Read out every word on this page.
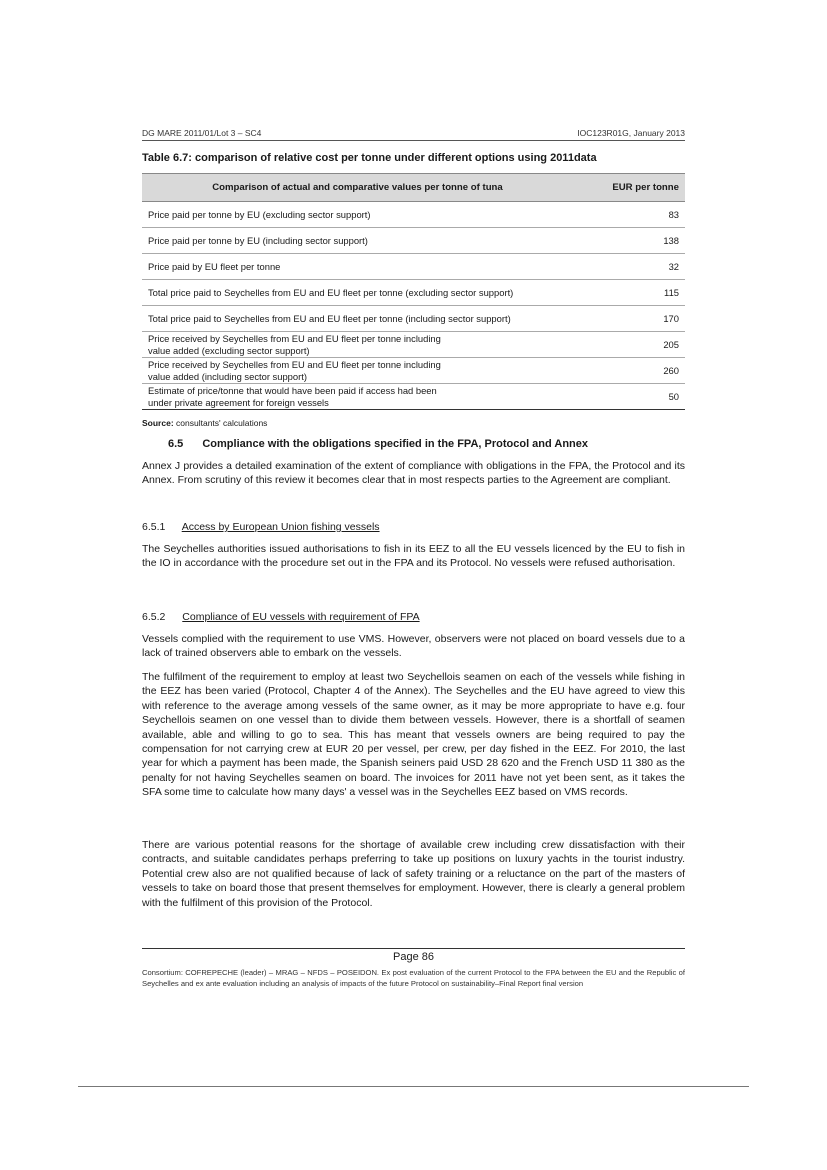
DG MARE 2011/01/Lot 3 – SC4	IOC123R01G, January 2013
Table 6.7: comparison of relative cost per tonne under different options using 2011data
Comparison of actual and comparative values per tonne of tuna	EUR per tonne
Price paid per tonne by EU (excluding sector support)	83
Price paid per tonne by EU (including sector support)	138
Price paid by EU fleet per tonne	32
Total price paid to Seychelles from EU and EU fleet per tonne (excluding sector support)	115
Total price paid to Seychelles from EU and EU fleet per tonne (including sector support)	170
Price received by Seychelles from EU and EU fleet per tonne including value added (excluding sector support)	205
Price received by Seychelles from EU and EU fleet per tonne including value added (including sector support)	260
Estimate of price/tonne that would have been paid if access had been under private agreement for foreign vessels	50
Source: consultants' calculations
6.5 Compliance with the obligations specified in the FPA, Protocol and Annex

Annex J provides a detailed examination of the extent of compliance with obligations in the FPA, the Protocol and its Annex. From scrutiny of this review it becomes clear that in most respects parties to the Agreement are compliant.

6.5.1 Access by European Union fishing vessels

The Seychelles authorities issued authorisations to fish in its EEZ to all the EU vessels licenced by the EU to fish in the IO in accordance with the procedure set out in the FPA and its Protocol. No vessels were refused authorisation.

6.5.2 Compliance of EU vessels with requirement of FPA

Vessels complied with the requirement to use VMS. However, observers were not placed on board vessels due to a lack of trained observers able to embark on the vessels.

The fulfilment of the requirement to employ at least two Seychellois seamen on each of the vessels while fishing in the EEZ has been varied (Protocol, Chapter 4 of the Annex). The Seychelles and the EU have agreed to view this with reference to the average among vessels of the same owner, as it may be more appropriate to have e.g. four Seychellois seamen on one vessel than to divide them between vessels. However, there is a shortfall of seamen available, able and willing to go to sea. This has meant that vessels owners are being required to pay the compensation for not carrying crew at EUR 20 per vessel, per crew, per day fished in the EEZ. For 2010, the last year for which a payment has been made, the Spanish seiners paid USD 28 620 and the French USD 11 380 as the penalty for not having Seychelles seamen on board. The invoices for 2011 have not yet been sent, as it takes the SFA some time to calculate how many days' a vessel was in the Seychelles EEZ based on VMS records.

There are various potential reasons for the shortage of available crew including crew dissatisfaction with their contracts, and suitable candidates perhaps preferring to take up positions on luxury yachts in the tourist industry. Potential crew also are not qualified because of lack of safety training or a reluctance on the part of the masters of vessels to take on board those that present themselves for employment. However, there is clearly a general problem with the fulfilment of this provision of the Protocol.

Page 86
Consortium: COFREPECHE (leader) – MRAG – NFDS – POSEIDON. Ex post evaluation of the current Protocol to the FPA between the EU and the Republic of Seychelles and ex ante evaluation including an analysis of impacts of the future Protocol on sustainability–Final Report final version
